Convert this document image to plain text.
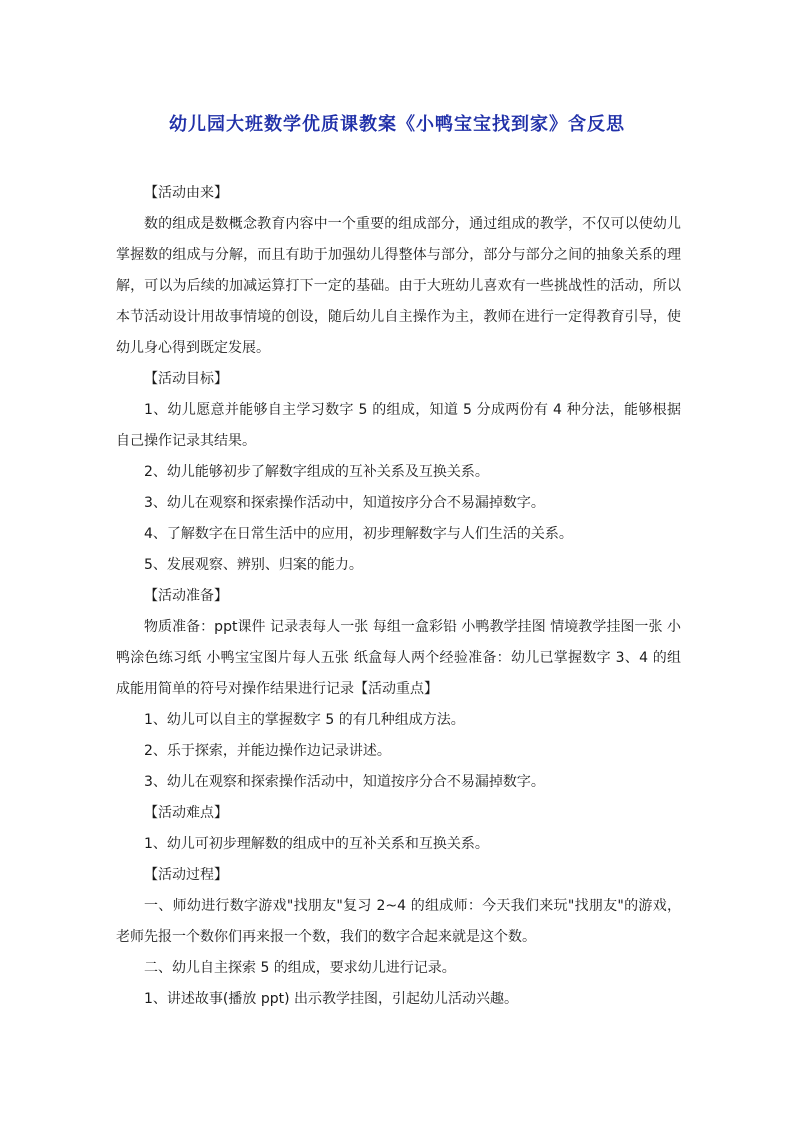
幼儿园大班数学优质课教案《小鸭宝宝找到家》含反思

【活动由来】

数的组成是数概念教育内容中一个重要的组成部分，通过组成的教学，不仅可以使幼儿掌握数的组成与分解，而且有助于加强幼儿得整体与部分，部分与部分之间的抽象关系的理解，可以为后续的加减运算打下一定的基础。由于大班幼儿喜欢有一些挑战性的活动，所以本节活动设计用故事情境的创设，随后幼儿自主操作为主，教师在进行一定得教育引导，使幼儿身心得到既定发展。

【活动目标】

1、幼儿愿意并能够自主学习数字 5 的组成，知道 5 分成两份有 4 种分法，能够根据自己操作记录其结果。

2、幼儿能够初步了解数字组成的互补关系及互换关系。

3、幼儿在观察和探索操作活动中，知道按序分合不易漏掉数字。

4、了解数字在日常生活中的应用，初步理解数字与人们生活的关系。

5、发展观察、辨别、归案的能力。

【活动准备】

物质准备：ppt课件 记录表每人一张 每组一盒彩铅 小鸭教学挂图 情境教学挂图一张 小鸭涂色练习纸 小鸭宝宝图片每人五张 纸盒每人两个经验准备：幼儿已掌握数字 3、4 的组成能用简单的符号对操作结果进行记录【活动重点】

1、幼儿可以自主的掌握数字 5 的有几种组成方法。

2、乐于探索，并能边操作边记录讲述。

3、幼儿在观察和探索操作活动中，知道按序分合不易漏掉数字。

【活动难点】

1、幼儿可初步理解数的组成中的互补关系和互换关系。

【活动过程】

一、师幼进行数字游戏"找朋友"复习 2~4 的组成师：今天我们来玩"找朋友"的游戏，老师先报一个数你们再来报一个数，我们的数字合起来就是这个数。

二、幼儿自主探索 5 的组成，要求幼儿进行记录。

1、讲述故事(播放 ppt) 出示教学挂图，引起幼儿活动兴趣。
